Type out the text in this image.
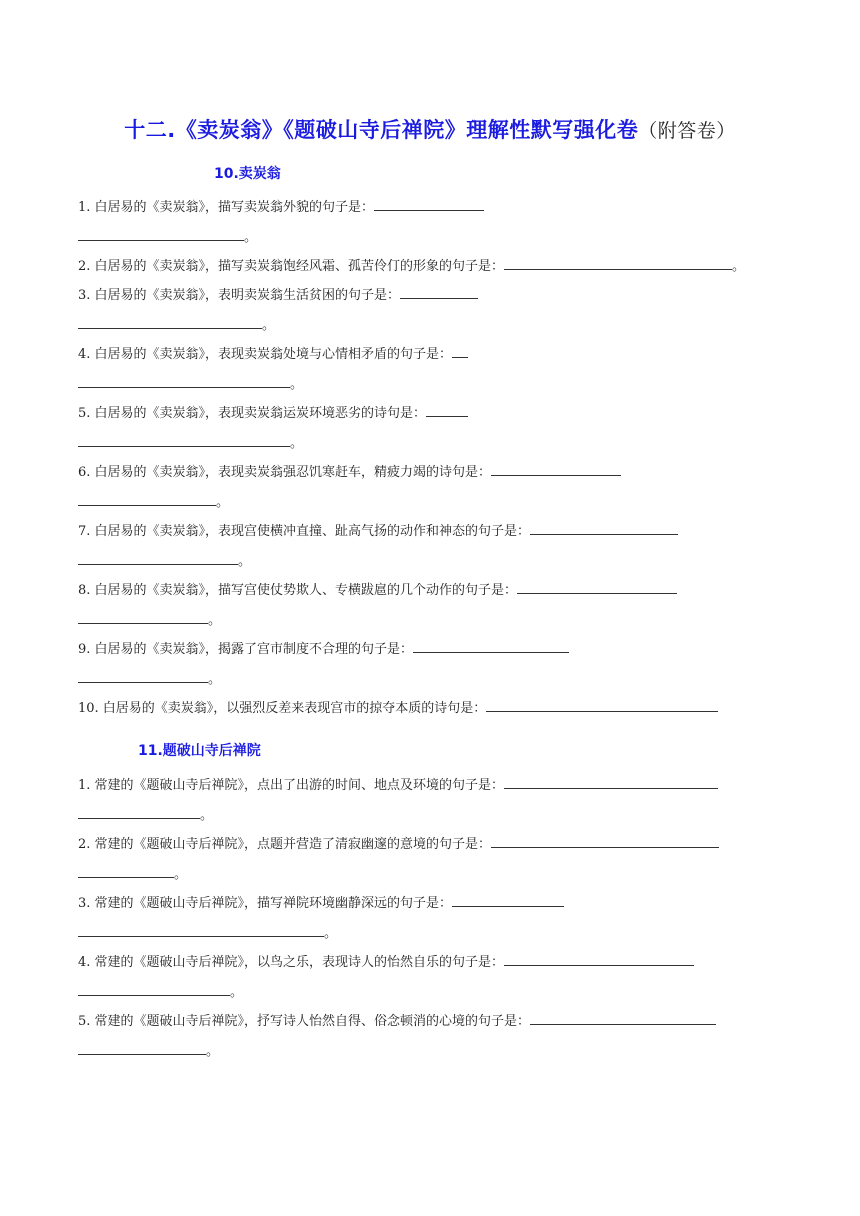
十二.《卖炭翁》《题破山寺后禅院》理解性默写强化卷（附答卷）
10.卖炭翁
1. 白居易的《卖炭翁》，描写卖炭翁外貌的句子是：
。
2. 白居易的《卖炭翁》，描写卖炭翁饱经风霜、孤苦伶仃的形象的句子是：	。
3. 白居易的《卖炭翁》，表明卖炭翁生活贫困的句子是：
。
4. 白居易的《卖炭翁》，表现卖炭翁处境与心情相矛盾的句子是：
。
5. 白居易的《卖炭翁》，表现卖炭翁运炭环境恶劣的诗句是：
。
6. 白居易的《卖炭翁》，表现卖炭翁强忍饥寒赶车，精疲力竭的诗句是：
。
7. 白居易的《卖炭翁》，表现宫使横冲直撞、趾高气扬的动作和神态的句子是：
。
8. 白居易的《卖炭翁》，描写宫使仗势欺人、专横跋扈的几个动作的句子是：
。
9. 白居易的《卖炭翁》，揭露了宫市制度不合理的句子是：
。
10. 白居易的《卖炭翁》，以强烈反差来表现宫市的掠夺本质的诗句是：
11.题破山寺后禅院
1. 常建的《题破山寺后禅院》，点出了出游的时间、地点及环境的句子是：
。
2. 常建的《题破山寺后禅院》，点题并营造了清寂幽邃的意境的句子是：
。
3. 常建的《题破山寺后禅院》，描写禅院环境幽静深远的句子是：
。
4. 常建的《题破山寺后禅院》，以鸟之乐，表现诗人的怡然自乐的句子是：
。
5. 常建的《题破山寺后禅院》，抒写诗人怡然自得、俗念顿消的心境的句子是：
。
